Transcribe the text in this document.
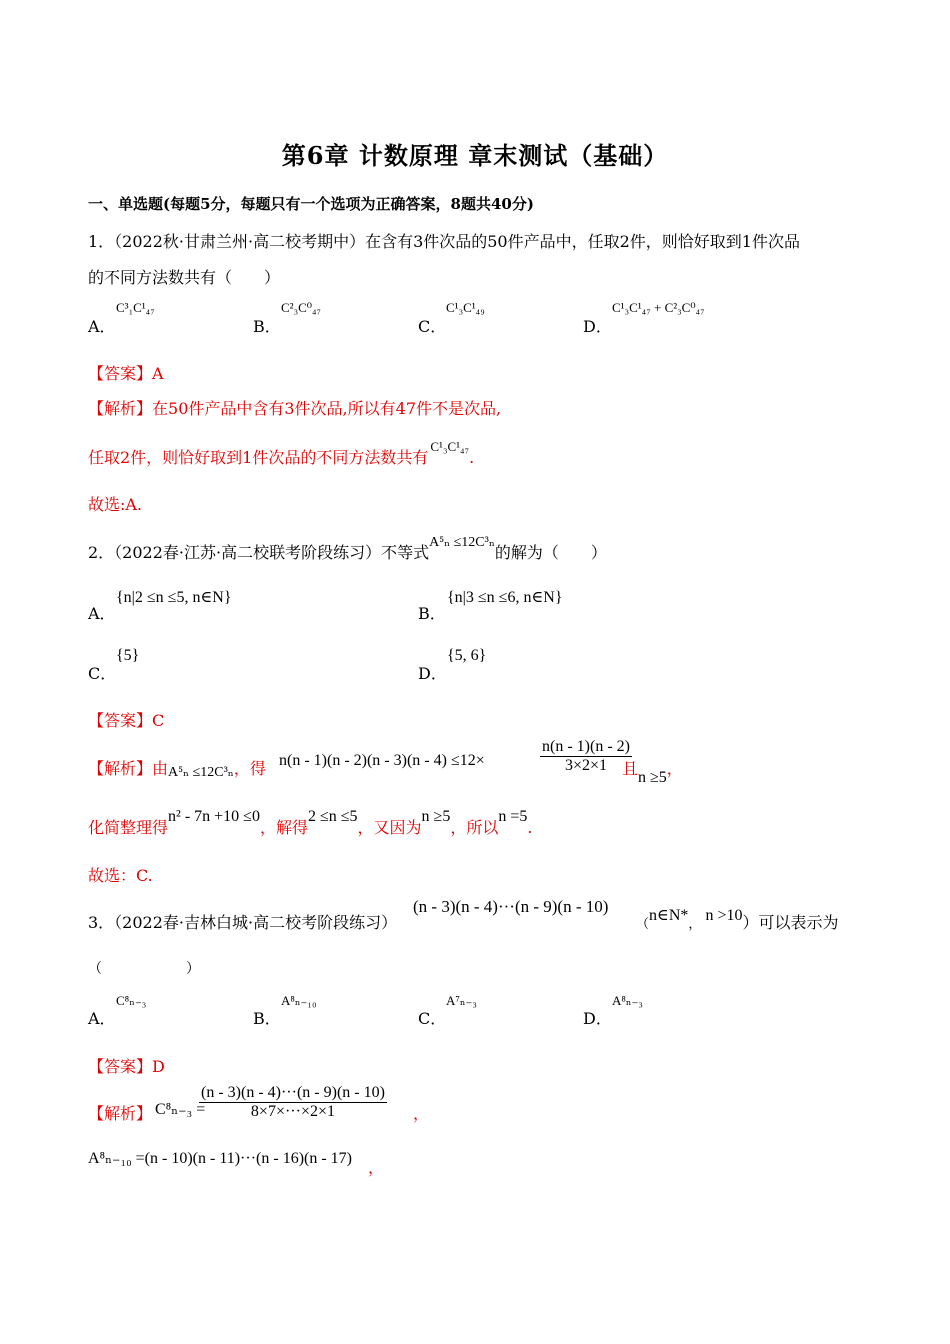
第6章 计数原理 章末测试（基础）
一、单选题(每题5分，每题只有一个选项为正确答案，8题共40分)
1．（2022秋·甘肃兰州·高二校考期中）在含有3件次品的50件产品中，任取2件，则恰好取到1件次品
的不同方法数共有（　　）
A．
C³₁C¹₄₇
B．
C²₃C⁰₄₇
C．
C¹₃C¹₄₉
D．
C¹₃C¹₄₇ + C²₃C⁰₄₇
【答案】A
【解析】在50件产品中含有3件次品,所以有47件不是次品,
任取2件，则恰好取到1件次品的不同方法数共有$^{C^1_3C^1_{47}}$.
故选:A.
2．（2022春·江苏·高二校联考阶段练习）不等式A⁵ₙ ≤12C³ₙ的解为（　　）
A．
{n|2 ≤n ≤5, n∈N}
B．
{n|3 ≤n ≤6, n∈N}
C．
{5}
D．
{5, 6}
【答案】C
【解析】由A⁵ₙ ≤12C³ₙ，得 n(n - 1)(n - 2)(n - 3)(n - 4) ≤12×	$\frac{n(n - 1)(n - 2)}{3\times 2\times 1}$
且n ≥5，
化简整理得n² - 7n +10 ≤0，解得2 ≤n ≤5，又因为n ≥5，所以n =5.
故选：C.
3．（2022春·吉林白城·高二校考阶段练习）
(n - 3)(n - 4)···(n - 9)(n - 10)
（n∈N*，n >10）可以表示为
（　　　　　　）
A．
C⁸ₙ₋₃
B．
A⁸ₙ₋₁₀
C．
A⁷ₙ₋₃
D．
A⁸ₙ₋₃
【答案】D
【解析】 C⁸ₙ₋₃ =
$\frac{(n - 3)(n - 4)\cdot\cdot\cdot(n - 9)(n - 10)}{8\times 7\times\cdot\cdot\cdot\times 2\times 1}$ ，
A⁸ₙ₋₁₀ =(n - 10)(n - 11)···(n - 16)(n - 17) ，
